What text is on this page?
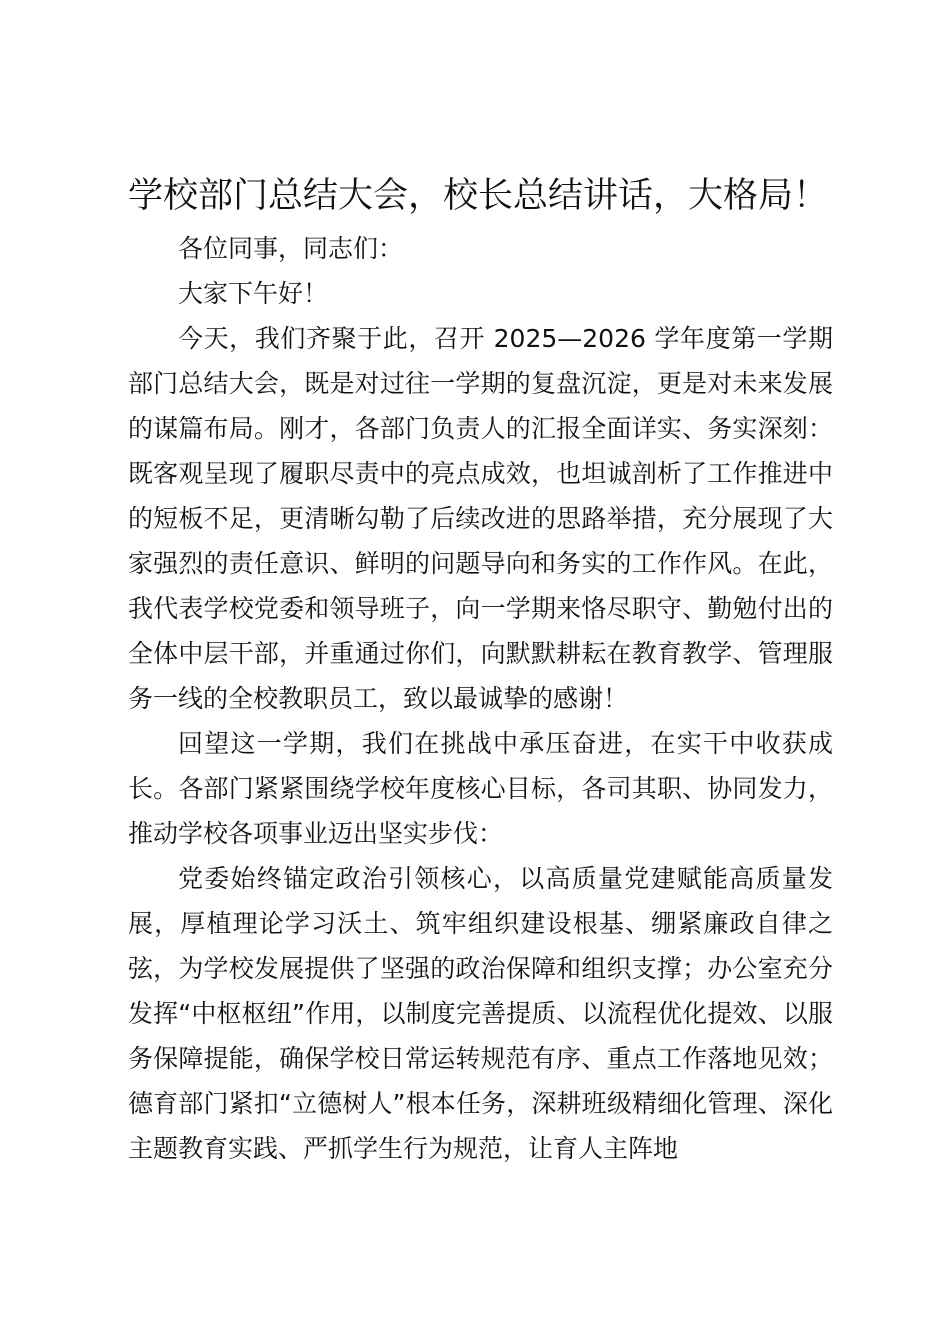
学校部门总结大会，校长总结讲话，大格局！

各位同事，同志们：

大家下午好！

今天，我们齐聚于此，召开 2025—2026 学年度第一学期部门总结大会，既是对过往一学期的复盘沉淀，更是对未来发展的谋篇布局。刚才，各部门负责人的汇报全面详实、务实深刻：既客观呈现了履职尽责中的亮点成效，也坦诚剖析了工作推进中的短板不足，更清晰勾勒了后续改进的思路举措，充分展现了大家强烈的责任意识、鲜明的问题导向和务实的工作作风。在此，我代表学校党委和领导班子，向一学期来恪尽职守、勤勉付出的全体中层干部，并重通过你们，向默默耕耘在教育教学、管理服务一线的全校教职员工，致以最诚挚的感谢！

回望这一学期，我们在挑战中承压奋进，在实干中收获成长。各部门紧紧围绕学校年度核心目标，各司其职、协同发力，推动学校各项事业迈出坚实步伐：

党委始终锚定政治引领核心，以高质量党建赋能高质量发展，厚植理论学习沃土、筑牢组织建设根基、绷紧廉政自律之弦，为学校发展提供了坚强的政治保障和组织支撑；办公室充分发挥“中枢枢纽”作用，以制度完善提质、以流程优化提效、以服务保障提能，确保学校日常运转规范有序、重点工作落地见效；德育部门紧扣“立德树人”根本任务，深耕班级精细化管理、深化主题教育实践、严抓学生行为规范，让育人主阵地
